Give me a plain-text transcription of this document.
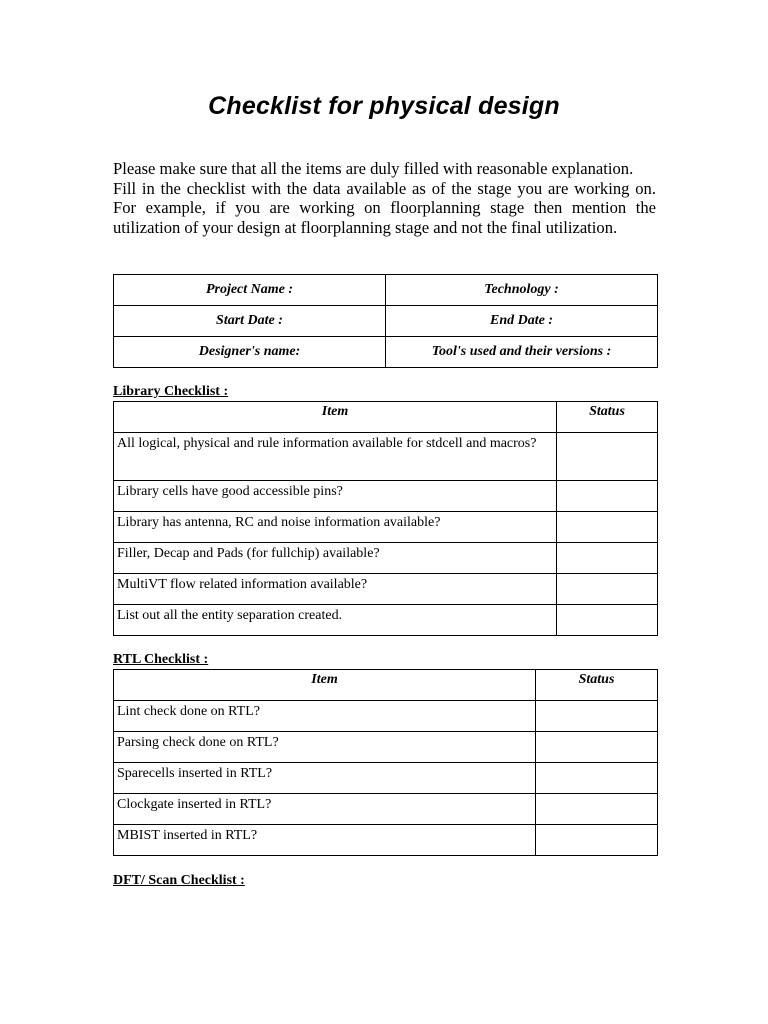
Checklist for physical design

Please make sure that all the items are duly filled with reasonable explanation.

Fill in the checklist with the data available as of the stage you are working on. For example, if you are working on floorplanning stage then mention the utilization of your design at floorplanning stage and not the final utilization.

Project Name :	Technology :
Start Date :	End Date :
Designer's name:	Tool's used and their versions :
Library Checklist :
Item	Status
All logical, physical and rule information available for stdcell and macros?	
Library cells have good accessible pins?	
Library has antenna, RC and noise information available?	
Filler, Decap and Pads (for fullchip) available?	
MultiVT flow related information available?	
List out all the entity separation created.	
RTL Checklist :
Item	Status
Lint check done on RTL?	
Parsing check done on RTL?	
Sparecells inserted in RTL?	
Clockgate inserted in RTL?	
MBIST inserted in RTL?	
DFT/ Scan Checklist :
